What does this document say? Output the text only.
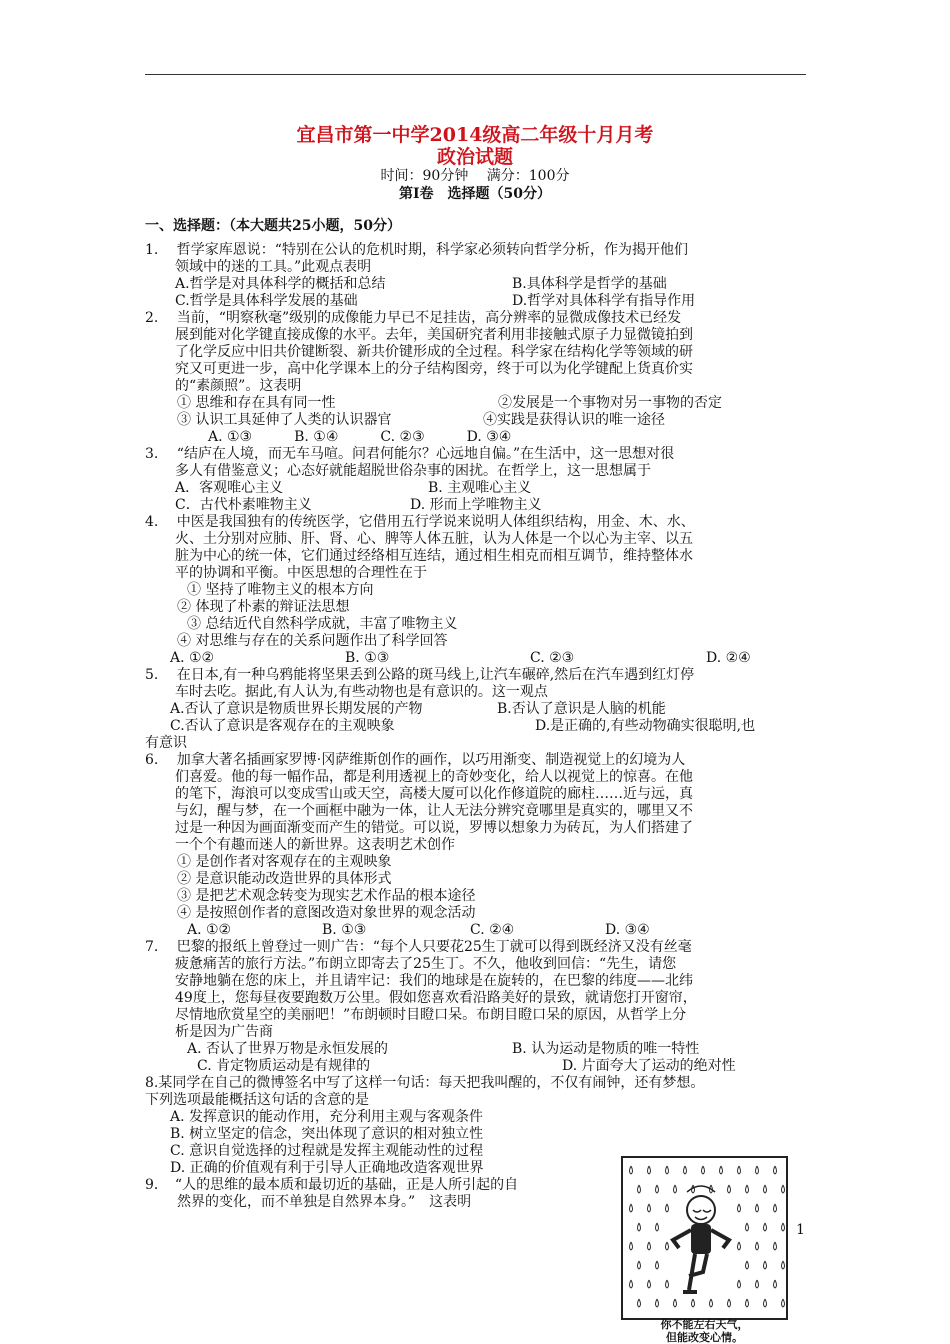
宜昌市第一中学2014级高二年级十月月考
政治试题
时间：90分钟　 满分：100分
第Ⅰ卷　选择题（50分）
一、选择题：（本大题共25小题，50分）
1.　 哲学家库恩说：“特别在公认的危机时期，科学家必须转向哲学分析，作为揭开他们
领域中的迷的工具。”此观点表明
A.哲学是对具体科学的概括和总结	B.具体科学是哲学的基础
C.哲学是具体科学发展的基础	D.哲学对具体科学有指导作用
2.　 当前，“明察秋毫”级别的成像能力早已不足挂齿，高分辨率的显微成像技术已经发
展到能对化学键直接成像的水平。去年，美国研究者利用非接触式原子力显微镜拍到
了化学反应中旧共价键断裂、新共价键形成的全过程。科学家在结构化学等领域的研
究又可更进一步，高中化学课本上的分子结构图旁，终于可以为化学键配上货真价实
的“素颜照”。这表明
① 思维和存在具有同一性	②发展是一个事物对另一事物的否定
③ 认识工具延伸了人类的认识器官	④实践是获得认识的唯一途径
A. ①③　　　B. ①④　　　C. ②③　　　D. ③④
3.　 “结庐在人境，而无车马喧。问君何能尔？心远地自偏。”在生活中，这一思想对很
多人有借鉴意义；心态好就能超脱世俗杂事的困扰。在哲学上，这一思想属于
A．客观唯心主义	B. 主观唯心主义
C．古代朴素唯物主义	D. 形而上学唯物主义
4.　 中医是我国独有的传统医学，它借用五行学说来说明人体组织结构，用金、木、水、
火、土分别对应肺、肝、肾、心、脾等人体五脏，认为人体是一个以心为主宰、以五
脏为中心的统一体，它们通过经络相互连结，通过相生相克而相互调节，维持整体水
平的协调和平衡。中医思想的合理性在于
① 坚持了唯物主义的根本方向
② 体现了朴素的辩证法思想
③ 总结近代自然科学成就，丰富了唯物主义
④ 对思维与存在的关系问题作出了科学回答
A. ①②	B. ①③	C. ②③	D. ②④
5.　 在日本,有一种乌鸦能将坚果丢到公路的斑马线上,让汽车碾碎,然后在汽车遇到红灯停
车时去吃。据此,有人认为,有些动物也是有意识的。这一观点
A.否认了意识是物质世界长期发展的产物	B.否认了意识是人脑的机能
C.否认了意识是客观存在的主观映象	D.是正确的,有些动物确实很聪明,也
有意识
6.　 加拿大著名插画家罗博·冈萨维斯创作的画作，以巧用渐变、制造视觉上的幻境为人
们喜爱。他的每一幅作品，都是利用透视上的奇妙变化，给人以视觉上的惊喜。在他
的笔下，海浪可以变成雪山或天空，高楼大厦可以化作修道院的廊柱……近与远，真
与幻，醒与梦，在一个画框中融为一体，让人无法分辨究竟哪里是真实的，哪里又不
过是一种因为画面渐变而产生的错觉。可以说，罗博以想象力为砖瓦，为人们搭建了
一个个有趣而迷人的新世界。这表明艺术创作
① 是创作者对客观存在的主观映象
② 是意识能动改造世界的具体形式
③ 是把艺术观念转变为现实艺术作品的根本途径
④ 是按照创作者的意图改造对象世界的观念活动
A. ①②	B. ①③	C. ②④	D. ③④
7.　 巴黎的报纸上曾登过一则广告：“每个人只要花25生丁就可以得到既经济又没有丝毫
疲惫痛苦的旅行方法。”布朗立即寄去了25生丁。不久，他收到回信：“先生，请您
安静地躺在您的床上，并且请牢记：我们的地球是在旋转的，在巴黎的纬度——北纬
49度上，您每昼夜要跑数万公里。假如您喜欢看沿路美好的景致，就请您打开窗帘，
尽情地欣赏星空的美丽吧！”布朗顿时目瞪口呆。布朗目瞪口呆的原因，从哲学上分
析是因为广告商
A. 否认了世界万物是永恒发展的	B. 认为运动是物质的唯一特性
C. 肯定物质运动是有规律的	D. 片面夸大了运动的绝对性
8.某同学在自己的微博签名中写了这样一句话：每天把我叫醒的，不仅有闹钟，还有梦想。
下列选项最能概括这句话的含意的是
A. 发挥意识的能动作用，充分利用主观与客观条件
B. 树立坚定的信念，突出体现了意识的相对独立性
C. 意识自觉选择的过程就是发挥主观能动性的过程
D. 正确的价值观有利于引导人正确地改造客观世界
9．　“人的思维的最本质和最切近的基础，正是人所引起的自
然界的变化，而不单独是自然界本身。”　这表明
1
你不能左右天气，
但能改变心情。
